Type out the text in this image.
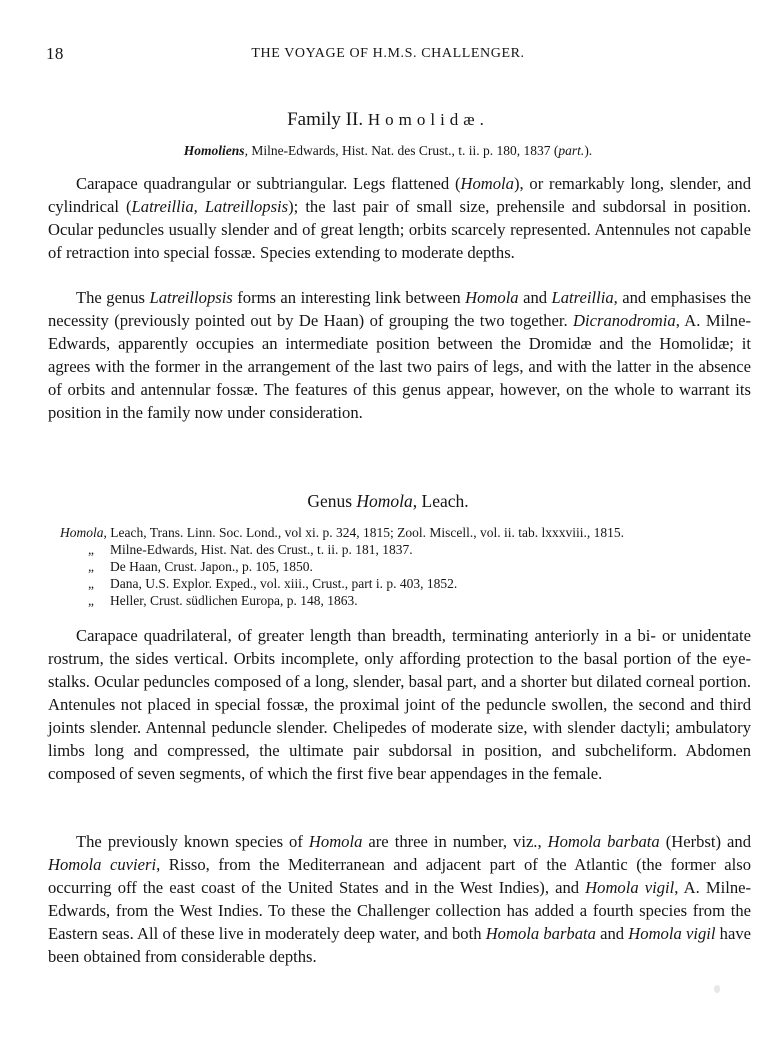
18	THE VOYAGE OF H.M.S. CHALLENGER.
Family II. Homolidæ.
Homoliens, Milne-Edwards, Hist. Nat. des Crust., t. ii. p. 180, 1837 (part.).

Carapace quadrangular or subtriangular. Legs flattened (Homola), or remarkably long, slender, and cylindrical (Latreillia, Latreillopsis); the last pair of small size, prehensile and subdorsal in position. Ocular peduncles usually slender and of great length; orbits scarcely represented. Antennules not capable of retraction into special fossæ. Species extending to moderate depths.

The genus Latreillopsis forms an interesting link between Homola and Latreillia, and emphasises the necessity (previously pointed out by De Haan) of grouping the two together. Dicranodromia, A. Milne-Edwards, apparently occupies an intermediate position between the Dromidæ and the Homolidæ; it agrees with the former in the arrangement of the last two pairs of legs, and with the latter in the absence of orbits and antennular fossæ. The features of this genus appear, however, on the whole to warrant its position in the family now under consideration.

Genus Homola, Leach.
Homola, Leach, Trans. Linn. Soc. Lond., vol xi. p. 324, 1815; Zool. Miscell., vol. ii. tab. lxxxviii., 1815.
„ Milne-Edwards, Hist. Nat. des Crust., t. ii. p. 181, 1837.
„ De Haan, Crust. Japon., p. 105, 1850.
„ Dana, U.S. Explor. Exped., vol. xiii., Crust., part i. p. 403, 1852.
„ Heller, Crust. südlichen Europa, p. 148, 1863.

Carapace quadrilateral, of greater length than breadth, terminating anteriorly in a bi- or unidentate rostrum, the sides vertical. Orbits incomplete, only affording protection to the basal portion of the eye-stalks. Ocular peduncles composed of a long, slender, basal part, and a shorter but dilated corneal portion. Antenules not placed in special fossæ, the proximal joint of the peduncle swollen, the second and third joints slender. Antennal peduncle slender. Chelipedes of moderate size, with slender dactyli; ambulatory limbs long and compressed, the ultimate pair subdorsal in position, and subcheliform. Abdomen composed of seven segments, of which the first five bear appendages in the female.

The previously known species of Homola are three in number, viz., Homola barbata (Herbst) and Homola cuvieri, Risso, from the Mediterranean and adjacent part of the Atlantic (the former also occurring off the east coast of the United States and in the West Indies), and Homola vigil, A. Milne-Edwards, from the West Indies. To these the Challenger collection has added a fourth species from the Eastern seas. All of these live in moderately deep water, and both Homola barbata and Homola vigil have been obtained from considerable depths.
